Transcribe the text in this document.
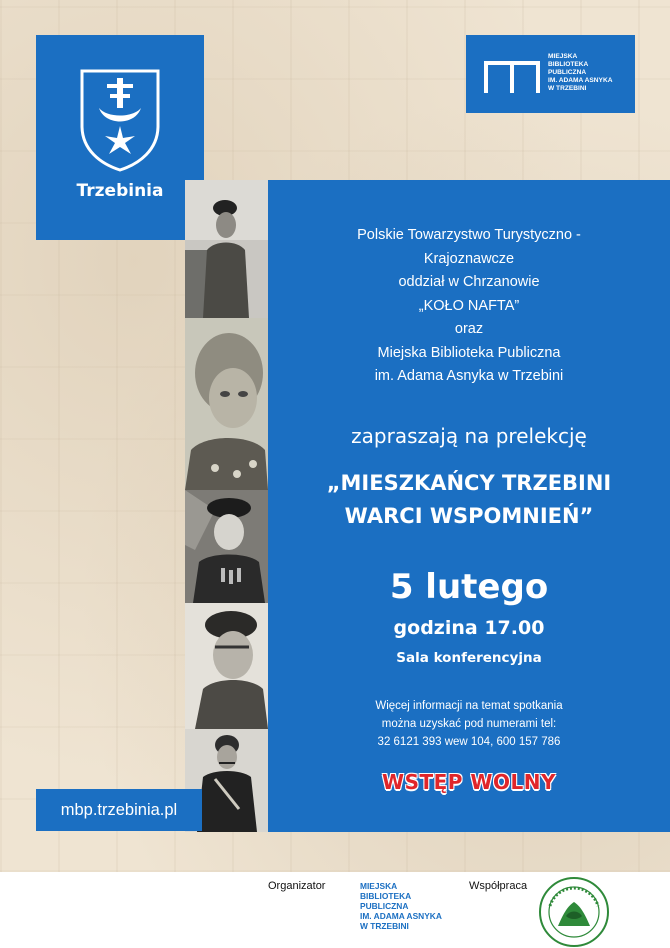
Trzebinia
MIEJSKA
BIBLIOTEKA
PUBLICZNA
IM. ADAMA ASNYKA
W TRZEBINI
Polskie Towarzystwo Turystyczno -
Krajoznawcze
oddział w Chrzanowie
„KOŁO NAFTA”
oraz
Miejska Biblioteka Publiczna
im. Adama Asnyka w Trzebini
zapraszają na prelekcję
„MIESZKAŃCY TRZEBINI
WARCI WSPOMNIEŃ”
5 lutego
godzina 17.00
Sala konferencyjna
Więcej informacji na temat spotkania
można uzyskać pod numerami tel:
32 6121 393 wew 104, 600 157 786
WSTĘP WOLNY
mbp.trzebinia.pl
Organizator	MIEJSKA
BIBLIOTEKA
PUBLICZNA
IM. ADAMA ASNYKA
W TRZEBINI
Współpraca
